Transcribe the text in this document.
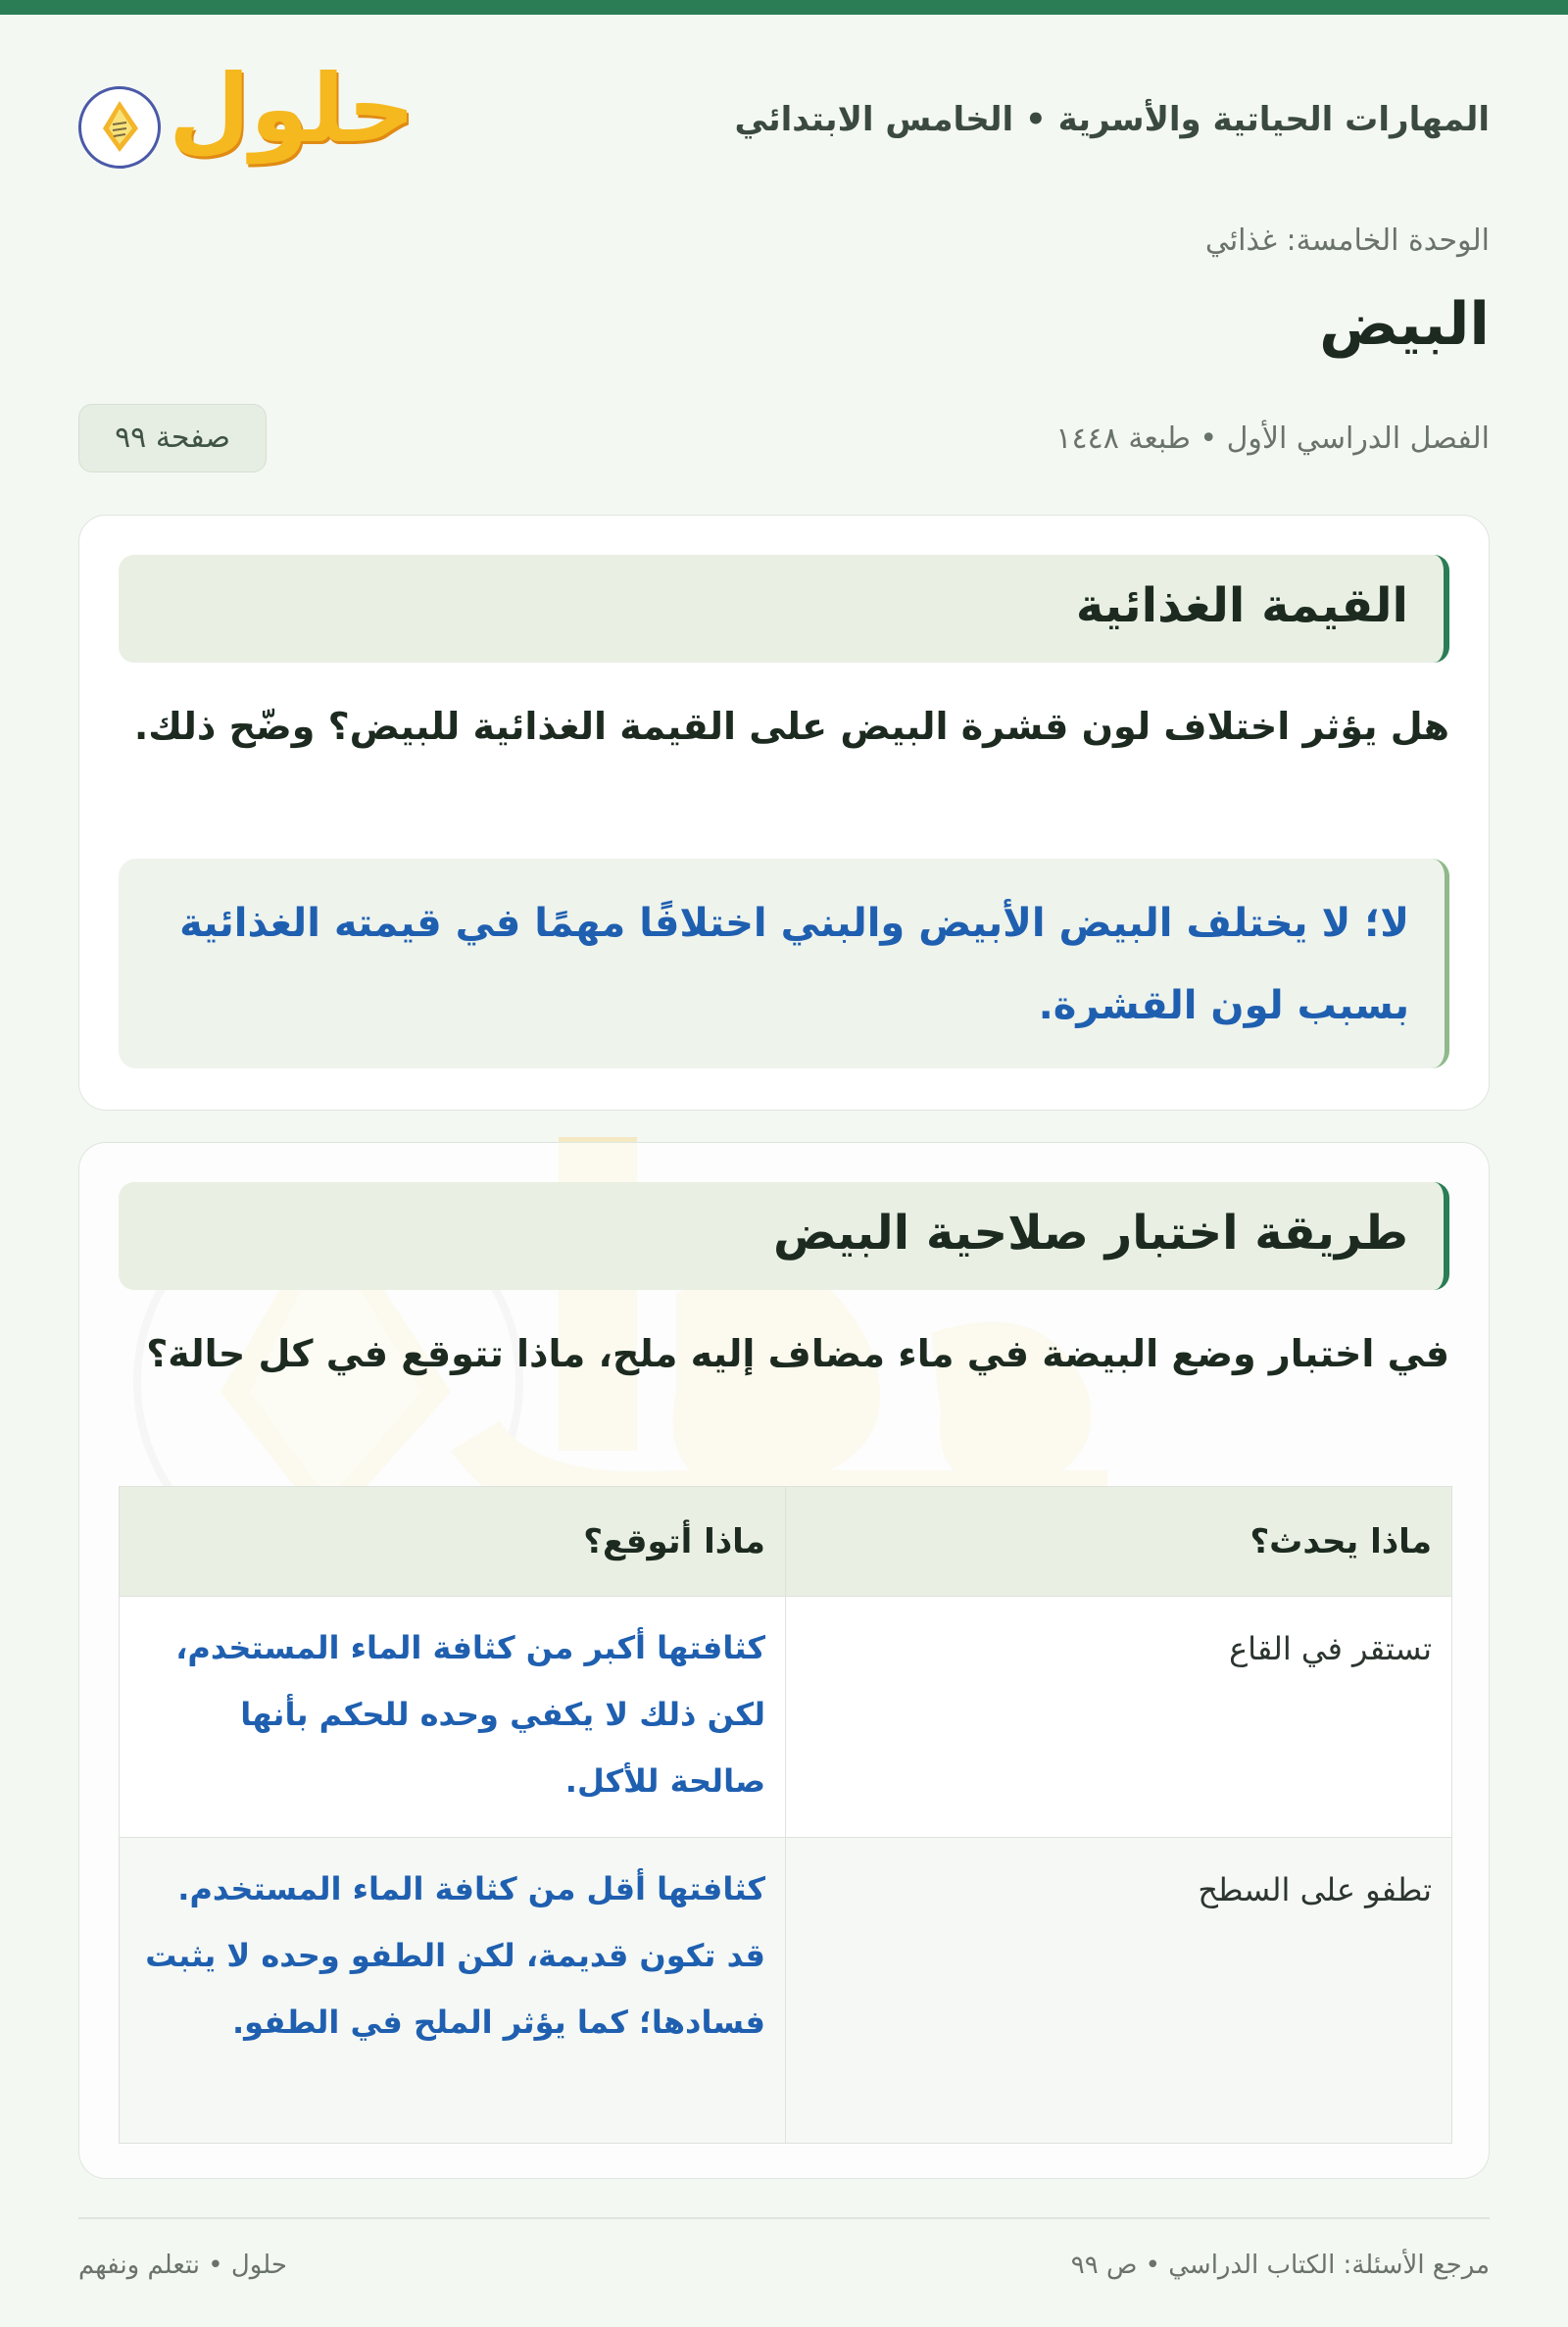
المهارات الحياتية والأسرية • الخامس الابتدائي
حلول
الوحدة الخامسة: غذائي
البيض
الفصل الدراسي الأول • طبعة ١٤٤٨
صفحة ٩٩
القيمة الغذائية
هل يؤثر اختلاف لون قشرة البيض على القيمة الغذائية للبيض؟ وضّح ذلك.

لا؛ لا يختلف البيض الأبيض والبني اختلافًا مهمًا في قيمته الغذائية بسبب لون القشرة.

طريقة اختبار صلاحية البيض
في اختبار وضع البيضة في ماء مضاف إليه ملح، ماذا تتوقع في كل حالة؟
ماذا يحدث؟	ماذا أتوقع؟
تستقر في القاع	كثافتها أكبر من كثافة الماء المستخدم، لكن ذلك لا يكفي وحده للحكم بأنها صالحة للأكل.
تطفو على السطح	كثافتها أقل من كثافة الماء المستخدم. قد تكون قديمة، لكن الطفو وحده لا يثبت فسادها؛ كما يؤثر الملح في الطفو.
مرجع الأسئلة: الكتاب الدراسي • ص ٩٩
حلول • نتعلم ونفهم
